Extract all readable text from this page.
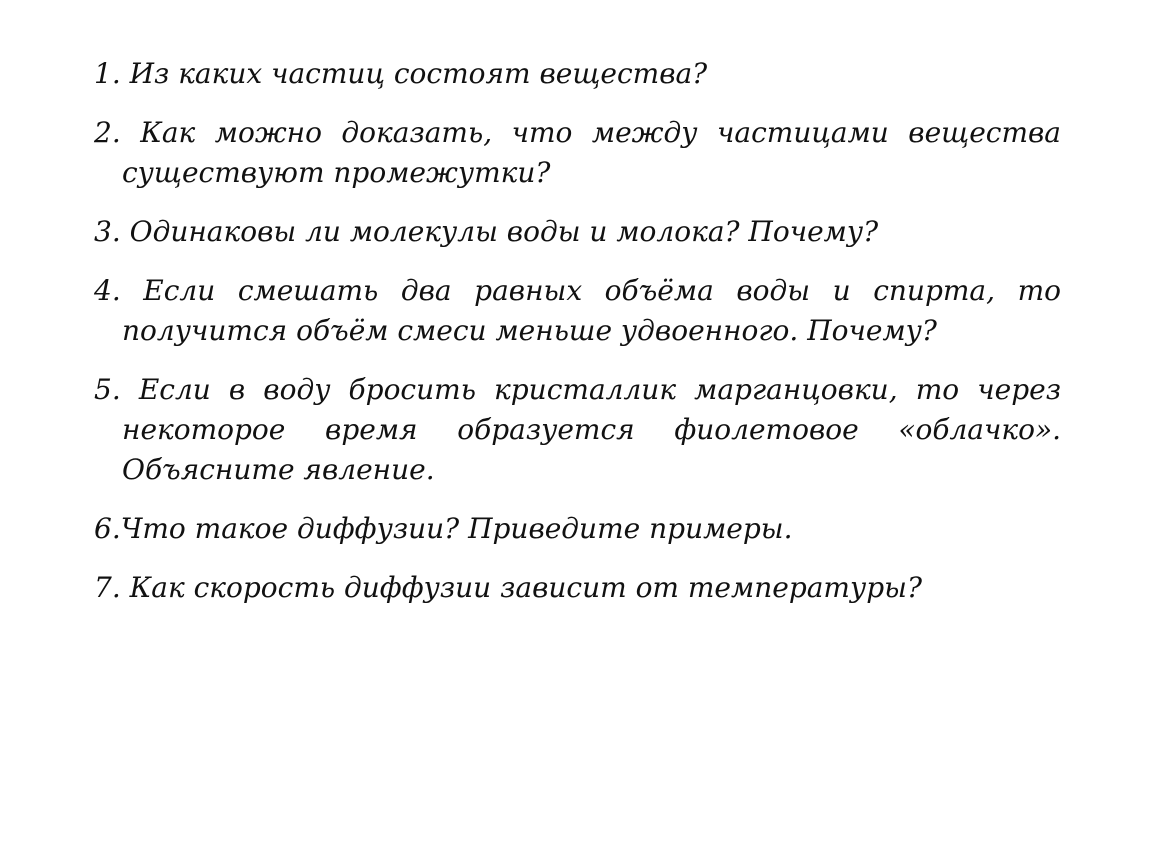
1. Из каких частиц состоят вещества?
2. Как можно доказать, что между частицами вещества существуют промежутки?
3. Одинаковы ли молекулы воды и молока? Почему?
4. Если смешать два равных объёма воды и спирта, то получится объём смеси меньше удвоенного. Почему?
5. Если в воду бросить кристаллик марганцовки, то через некоторое время образуется фиолетовое «облачко». Объясните явление.
6.Что такое диффузии? Приведите примеры.
7. Как скорость диффузии зависит от температуры?
